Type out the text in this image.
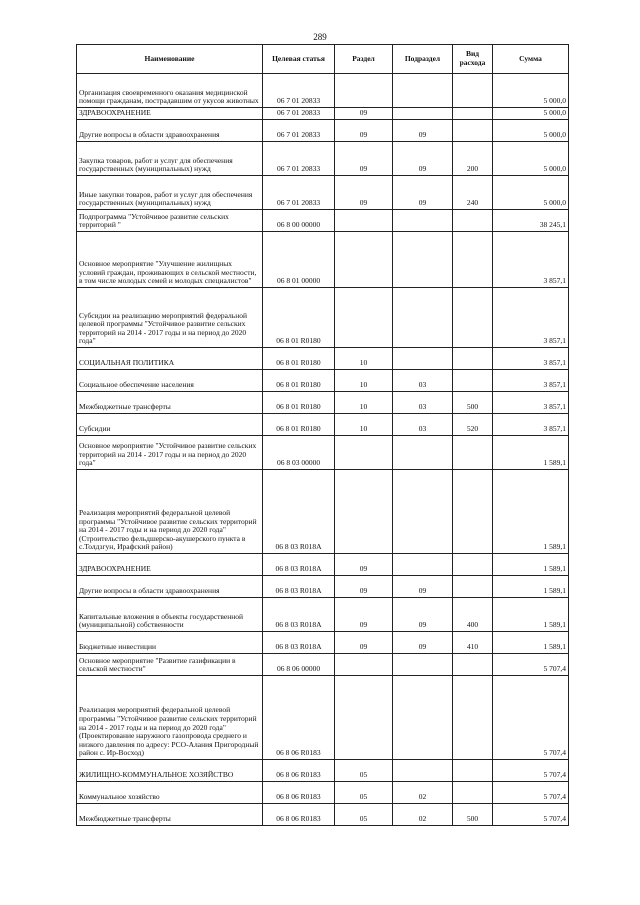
289
Наименование	Целевая статья	Раздел	Подраздел	Вид расхода	Сумма
Организация своевременного оказания медицинской помощи гражданам, пострадавшим от укусов животных	06 7 01 20833				5 000,0
ЗДРАВООХРАНЕНИЕ	06 7 01 20833	09			5 000,0
Другие вопросы в области здравоохранения	06 7 01 20833	09	09		5 000,0
Закупка товаров, работ и услуг для обеспечения государственных (муниципальных) нужд	06 7 01 20833	09	09	200	5 000,0
Иные закупки товаров, работ и услуг для обеспечения государственных (муниципальных) нужд	06 7 01 20833	09	09	240	5 000,0
Подпрограмма "Устойчивое развитие сельских территорий "	06 8 00 00000				38 245,1
Основное мероприятие "Улучшение жилищных условий граждан, проживающих в сельской местности, в том числе молодых семей и молодых специалистов"	06 8 01 00000				3 857,1
Субсидии на реализацию мероприятий федеральной целевой программы "Устойчивое развитие сельских территорий на 2014 - 2017 годы и на период до 2020 года"	06 8 01 R0180				3 857,1
СОЦИАЛЬНАЯ ПОЛИТИКА	06 8 01 R0180	10			3 857,1
Социальное обеспечение населения	06 8 01 R0180	10	03		3 857,1
Межбюджетные трансферты	06 8 01 R0180	10	03	500	3 857,1
Субсидии	06 8 01 R0180	10	03	520	3 857,1
Основное мероприятие "Устойчивое развитие сельских территорий на 2014 - 2017 годы и на период до 2020 года"	06 8 03 00000				1 589,1
Реализация мероприятий федеральной целевой программы "Устойчивое развитие сельских территорий на 2014 - 2017 годы и на период до 2020 года" (Строительство фельдшерско-акушерского пункта в с.Толдзгун, Ирафский район)	06 8 03 R018A				1 589,1
ЗДРАВООХРАНЕНИЕ	06 8 03 R018A	09			1 589,1
Другие вопросы в области здравоохранения	06 8 03 R018A	09	09		1 589,1
Капитальные вложения в объекты государственной (муниципальной) собственности	06 8 03 R018A	09	09	400	1 589,1
Бюджетные инвестиции	06 8 03 R018A	09	09	410	1 589,1
Основное мероприятие "Развитие газификации в сельской местности"	06 8 06 00000				5 707,4
Реализация мероприятий федеральной целевой программы "Устойчивое развитие сельских территорий на 2014 - 2017 годы и на период до 2020 года" (Проектирование наружного газопровода среднего и низкого давления по адресу: РСО-Алания Пригородный район с. Ир-Восход)	06 8 06 R0183				5 707,4
ЖИЛИЩНО-КОММУНАЛЬНОЕ ХОЗЯЙСТВО	06 8 06 R0183	05			5 707,4
Коммунальное хозяйство	06 8 06 R0183	05	02		5 707,4
Межбюджетные трансферты	06 8 06 R0183	05	02	500	5 707,4
